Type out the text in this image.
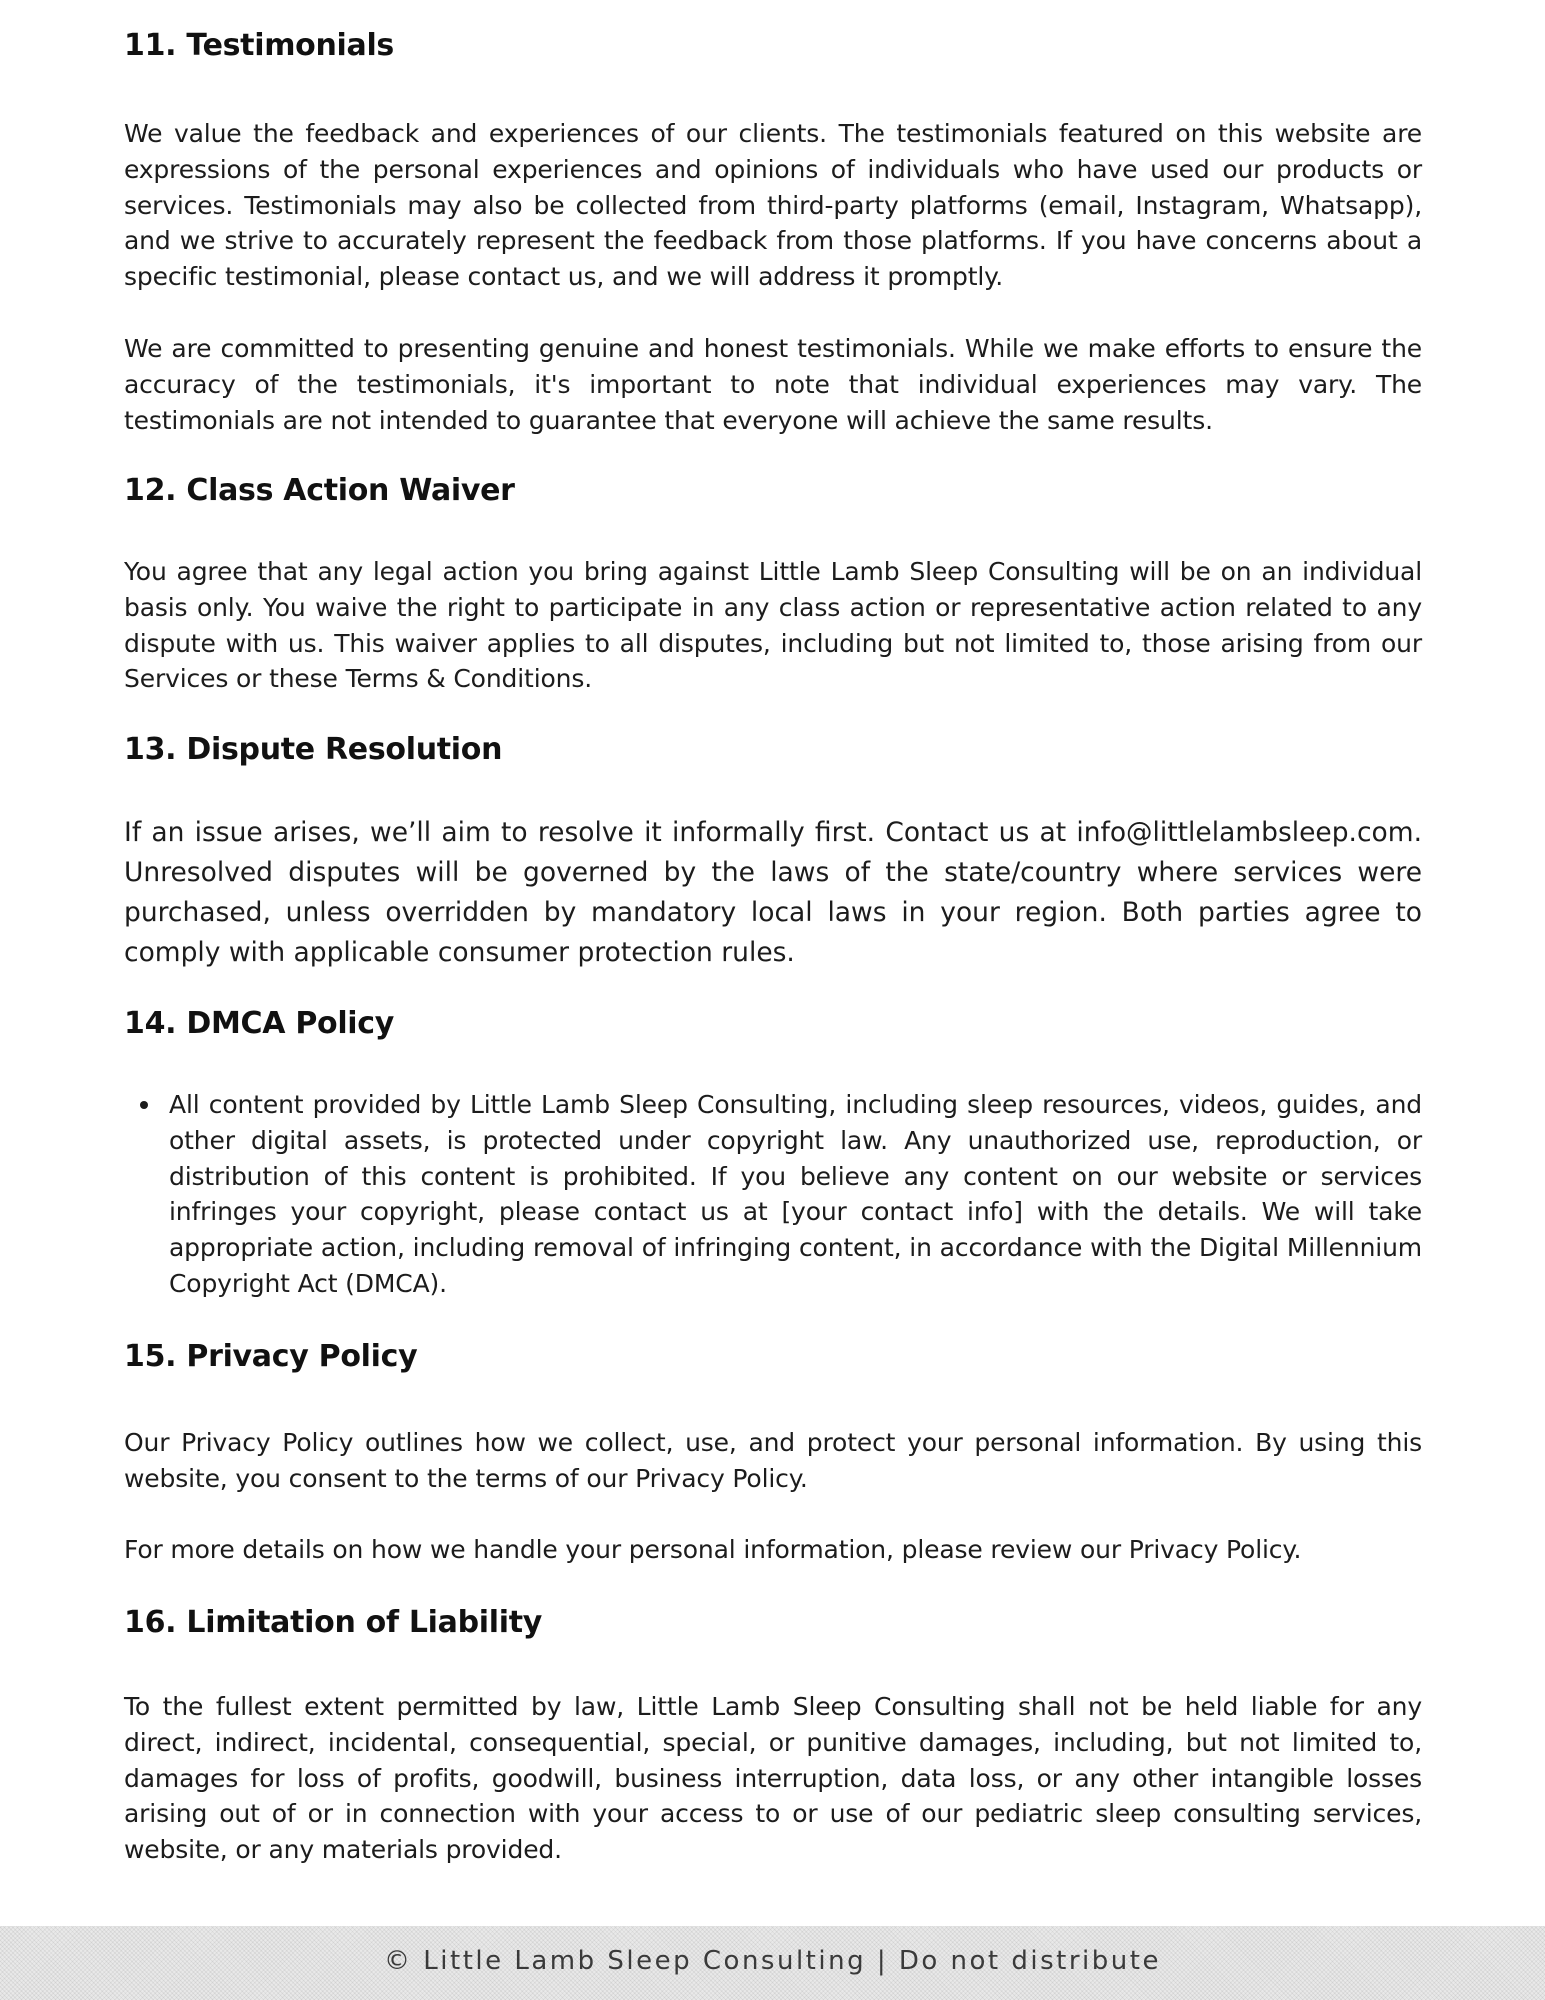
11. Testimonials

We value the feedback and experiences of our clients. The testimonials featured on this website are expressions of the personal experiences and opinions of individuals who have used our products or services. Testimonials may also be collected from third-party platforms (email, Instagram, Whatsapp), and we strive to accurately represent the feedback from those platforms. If you have concerns about a specific testimonial, please contact us, and we will address it promptly.

We are committed to presenting genuine and honest testimonials. While we make efforts to ensure the accuracy of the testimonials, it's important to note that individual experiences may vary. The testimonials are not intended to guarantee that everyone will achieve the same results.

12. Class Action Waiver

You agree that any legal action you bring against Little Lamb Sleep Consulting will be on an individual basis only. You waive the right to participate in any class action or representative action related to any dispute with us. This waiver applies to all disputes, including but not limited to, those arising from our Services or these Terms & Conditions.

13. Dispute Resolution

If an issue arises, we’ll aim to resolve it informally first. Contact us at info@littlelambsleep.com. Unresolved disputes will be governed by the laws of the state/country where services were purchased, unless overridden by mandatory local laws in your region. Both parties agree to comply with applicable consumer protection rules.

14. DMCA Policy
All content provided by Little Lamb Sleep Consulting, including sleep resources, videos, guides, and other digital assets, is protected under copyright law. Any unauthorized use, reproduction, or distribution of this content is prohibited. If you believe any content on our website or services infringes your copyright, please contact us at [your contact info] with the details. We will take appropriate action, including removal of infringing content, in accordance with the Digital Millennium Copyright Act (DMCA).
15. Privacy Policy

Our Privacy Policy outlines how we collect, use, and protect your personal information. By using this website, you consent to the terms of our Privacy Policy.

For more details on how we handle your personal information, please review our Privacy Policy.

16. Limitation of Liability

To the fullest extent permitted by law, Little Lamb Sleep Consulting shall not be held liable for any direct, indirect, incidental, consequential, special, or punitive damages, including, but not limited to, damages for loss of profits, goodwill, business interruption, data loss, or any other intangible losses arising out of or in connection with your access to or use of our pediatric sleep consulting services, website, or any materials provided.

© Little Lamb Sleep Consulting | Do not distribute
